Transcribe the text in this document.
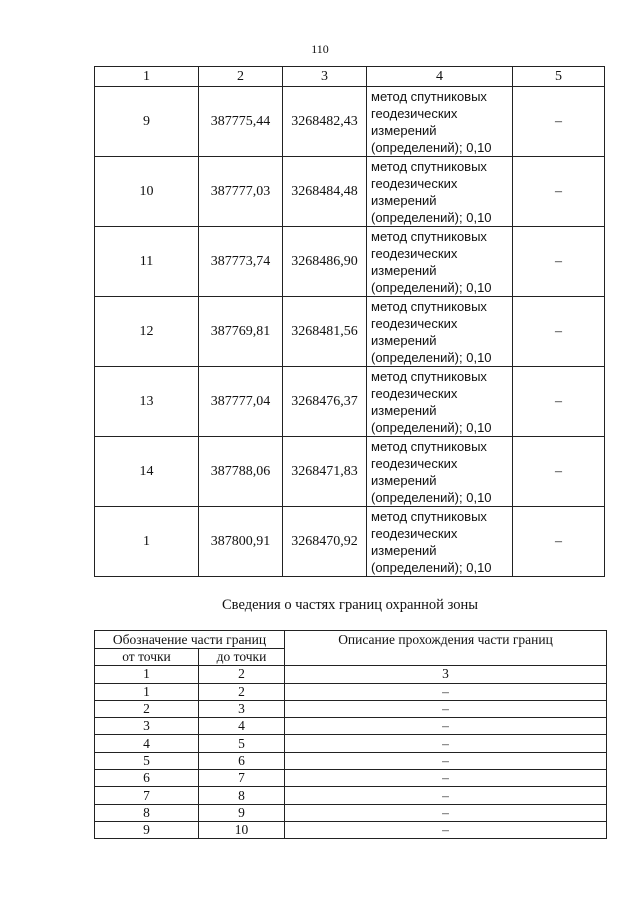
110
1	2	3	4	5
9	387775,44	3268482,43	метод спутниковых
геодезических
измерений
(определений); 0,10	–
10	387777,03	3268484,48	метод спутниковых
геодезических
измерений
(определений); 0,10	–
11	387773,74	3268486,90	метод спутниковых
геодезических
измерений
(определений); 0,10	–
12	387769,81	3268481,56	метод спутниковых
геодезических
измерений
(определений); 0,10	–
13	387777,04	3268476,37	метод спутниковых
геодезических
измерений
(определений); 0,10	–
14	387788,06	3268471,83	метод спутниковых
геодезических
измерений
(определений); 0,10	–
1	387800,91	3268470,92	метод спутниковых
геодезических
измерений
(определений); 0,10	–
Сведения о частях границ охранной зоны
Обозначение части границ		Описание прохождения части границ
от точки	до точки	
1	2	3
1	2	–
2	3	–
3	4	–
4	5	–
5	6	–
6	7	–
7	8	–
8	9	–
9	10	–
